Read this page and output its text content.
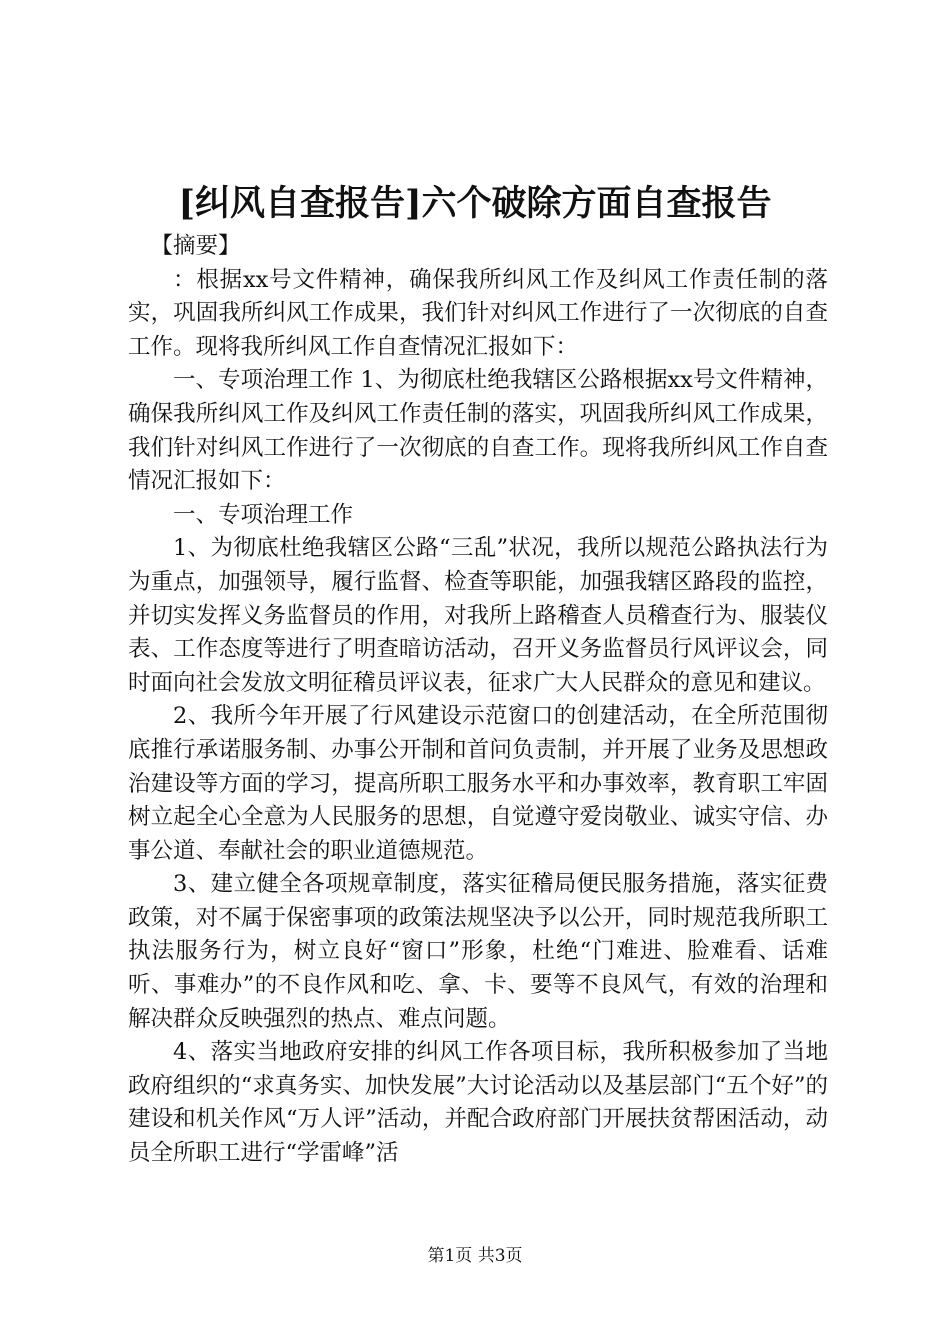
[纠风自查报告]六个破除方面自查报告

【摘要】

：根据xx号文件精神，确保我所纠风工作及纠风工作责任制的落实，巩固我所纠风工作成果，我们针对纠风工作进行了一次彻底的自查工作。现将我所纠风工作自查情况汇报如下：

一、专项治理工作 1、为彻底杜绝我辖区公路根据xx号文件精神，确保我所纠风工作及纠风工作责任制的落实，巩固我所纠风工作成果，我们针对纠风工作进行了一次彻底的自查工作。现将我所纠风工作自查情况汇报如下：

一、专项治理工作

1、为彻底杜绝我辖区公路“三乱”状况，我所以规范公路执法行为为重点，加强领导，履行监督、检查等职能，加强我辖区路段的监控，并切实发挥义务监督员的作用，对我所上路稽查人员稽查行为、服装仪表、工作态度等进行了明查暗访活动，召开义务监督员行风评议会，同时面向社会发放文明征稽员评议表，征求广大人民群众的意见和建议。

2、我所今年开展了行风建设示范窗口的创建活动，在全所范围彻底推行承诺服务制、办事公开制和首问负责制，并开展了业务及思想政治建设等方面的学习，提高所职工服务水平和办事效率，教育职工牢固树立起全心全意为人民服务的思想，自觉遵守爱岗敬业、诚实守信、办事公道、奉献社会的职业道德规范。

3、建立健全各项规章制度，落实征稽局便民服务措施，落实征费政策，对不属于保密事项的政策法规坚决予以公开，同时规范我所职工执法服务行为，树立良好“窗口”形象，杜绝“门难进、脸难看、话难听、事难办”的不良作风和吃、拿、卡、要等不良风气，有效的治理和解决群众反映强烈的热点、难点问题。

4、落实当地政府安排的纠风工作各项目标，我所积极参加了当地政府组织的“求真务实、加快发展”大讨论活动以及基层部门“五个好”的建设和机关作风“万人评”活动，并配合政府部门开展扶贫帮困活动，动员全所职工进行“学雷峰”活

第1页 共3页
